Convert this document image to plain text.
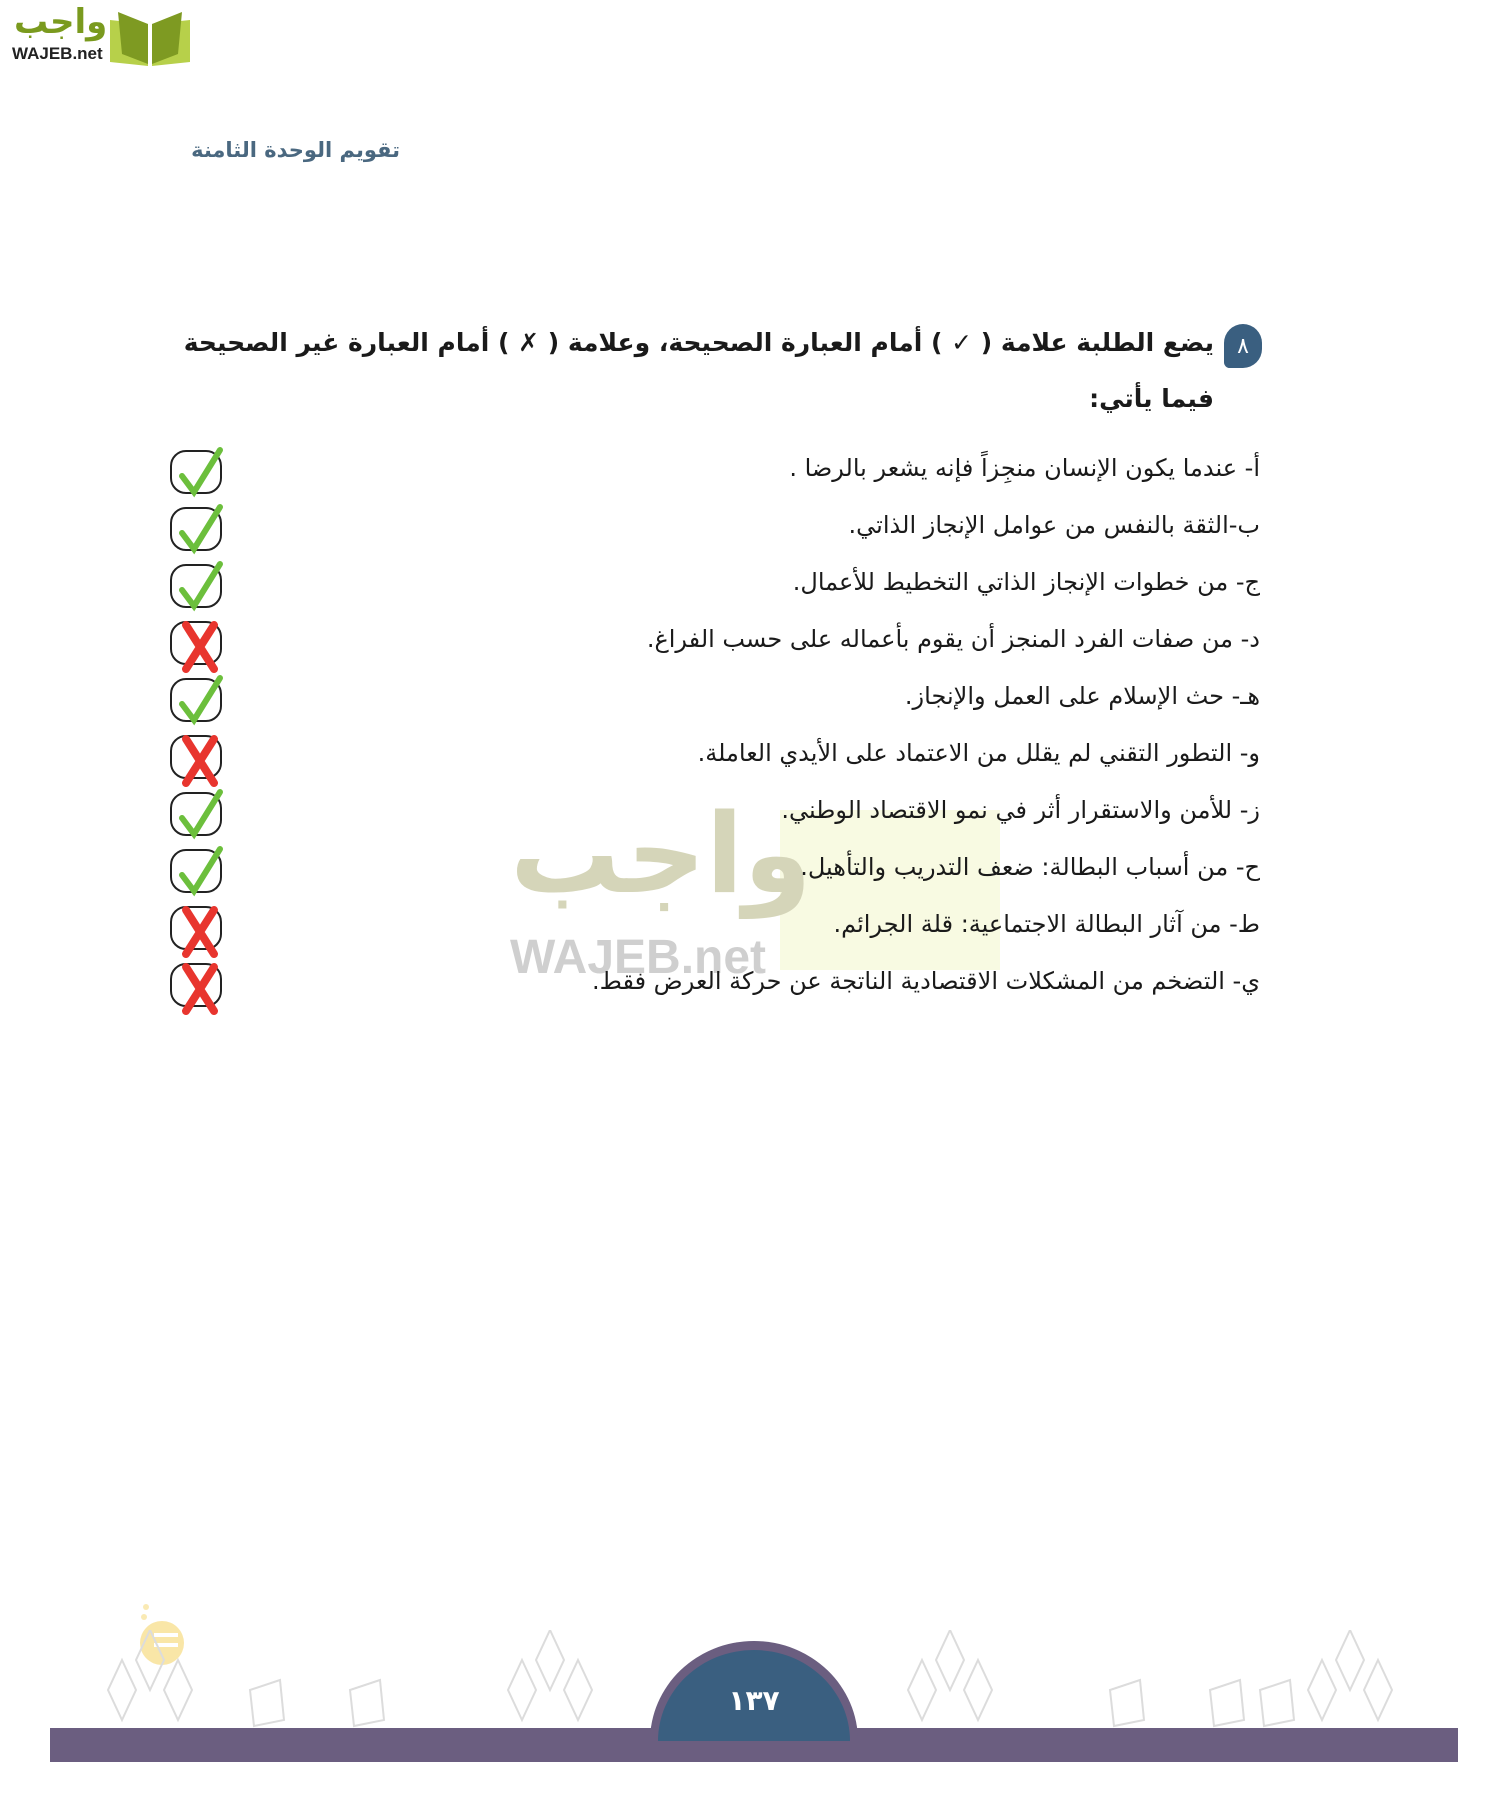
واجب
WAJEB.net
تقويم الوحدة الثامنة
٨
يضع الطلبة علامة ( ✓ ) أمام العبارة الصحيحة، وعلامة ( ✗ ) أمام العبارة غير الصحيحة
فيما يأتي:
واجب
WAJEB.net
أ- عندما يكون الإنسان منجِزاً فإنه يشعر بالرضا .
ب-الثقة بالنفس من عوامل الإنجاز الذاتي.
ج- من خطوات الإنجاز الذاتي التخطيط للأعمال.
د- من صفات الفرد المنجز أن يقوم بأعماله على حسب الفراغ.
هـ- حث الإسلام على العمل والإنجاز.
و- التطور التقني لم يقلل من الاعتماد على الأيدي العاملة.
ز- للأمن والاستقرار أثر في نمو الاقتصاد الوطني.
ح- من أسباب البطالة: ضعف التدريب والتأهيل.
ط- من آثار البطالة الاجتماعية: قلة الجرائم.
ي- التضخم من المشكلات الاقتصادية الناتجة عن حركة العرض فقط.
١٣٧
